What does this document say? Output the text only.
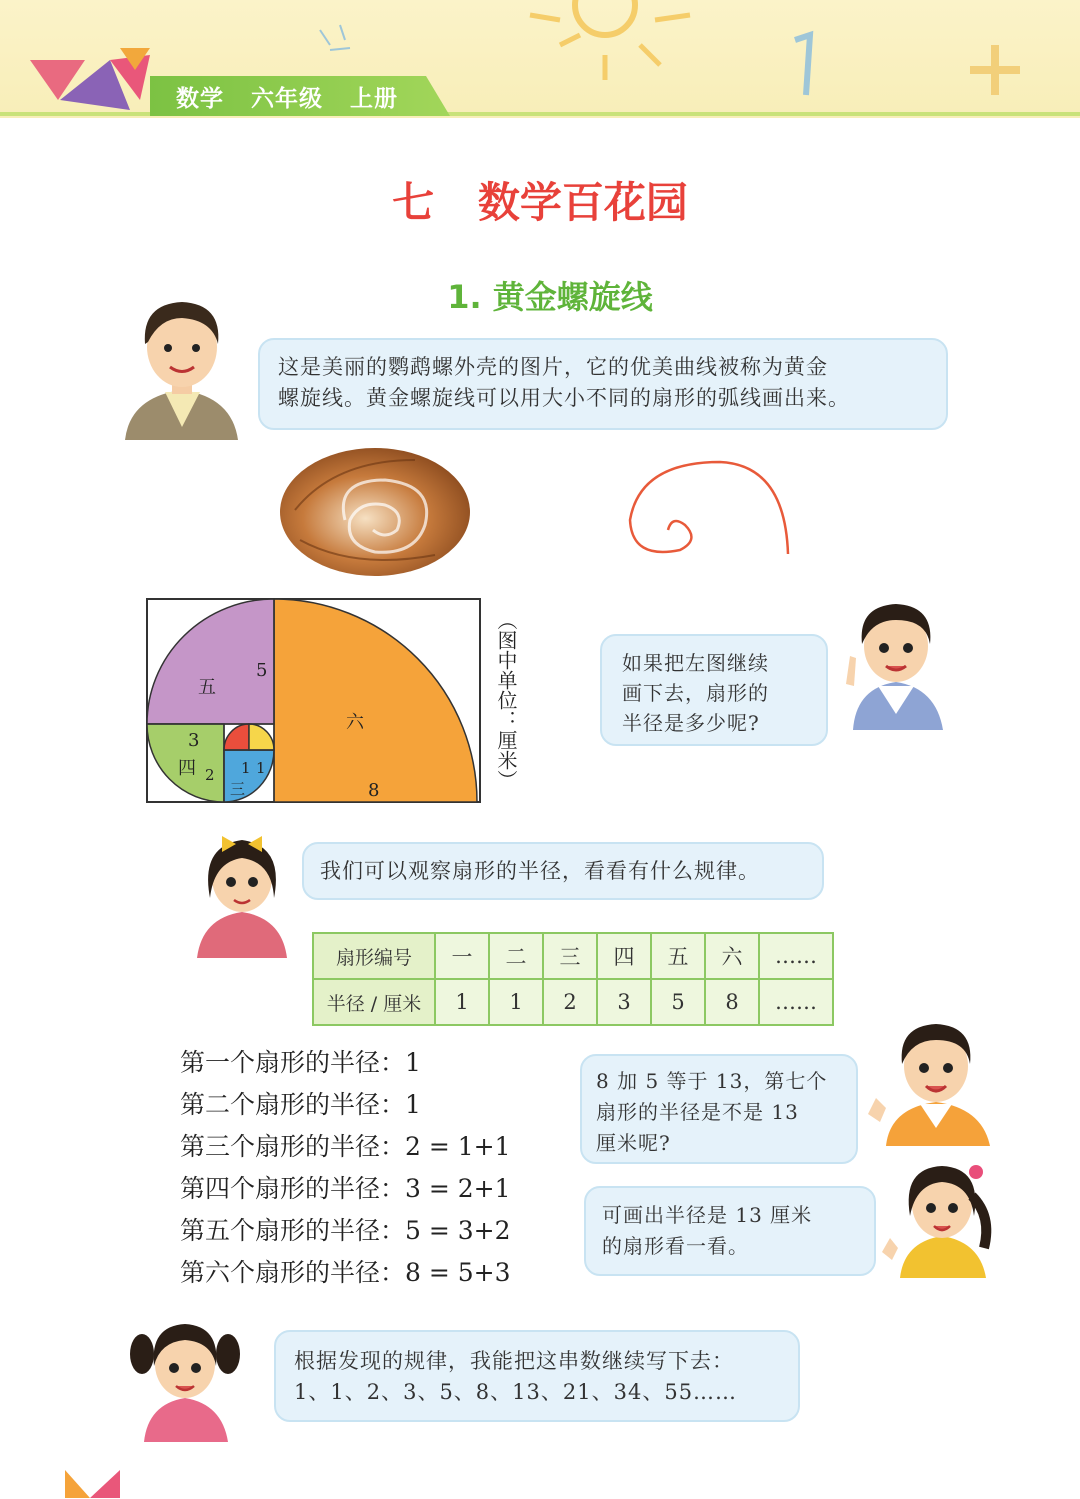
数学   六年级   上册
七   数学百花园
1. 黄金螺旋线
这是美丽的鹦鹉螺外壳的图片，它的优美曲线被称为黄金
螺旋线。黄金螺旋线可以用大小不同的扇形的弧线画出来。
六
五
四
三	8
5
3
2 1 1	（图中单位：厘米）	如果把左图继续
画下去，扇形的
半径是多少呢?
我们可以观察扇形的半径，看看有什么规律。
扇形编号	一	二	三	四	五	六	……
半径 / 厘米	1	1	2	3	5	8	……
第一个扇形的半径：1
第二个扇形的半径：1
第三个扇形的半径：2 = 1+1
第四个扇形的半径：3 = 2+1
第五个扇形的半径：5 = 3+2
第六个扇形的半径：8 = 5+3
8 加 5 等于 13，第七个
扇形的半径是不是 13
厘米呢?
可画出半径是 13 厘米
的扇形看一看。
根据发现的规律，我能把这串数继续写下去：
1、1、2、3、5、8、13、21、34、55……
